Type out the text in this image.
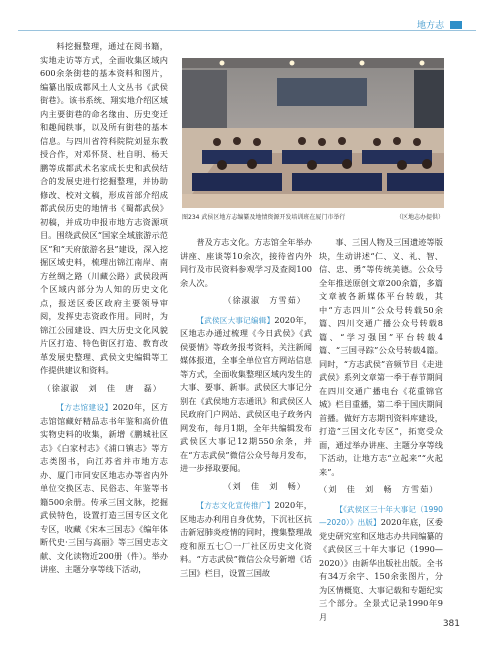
地方志

料挖掘整理，通过在阅书籍，实地走访等方式，全面收集区域内600余条街巷的基本资料和图片，编纂出版成都风土人文丛书《武侯街巷》。该书系统、翔实地介绍区域内主要街巷的命名缘由、历史变迁和趣闻轶事，以及所有街巷的基本信息。与四川省符科院院刘显东教授合作，对邓怀贤、杜自明、杨天鹏等成都武术名家成长史和武侯结合的发展史进行挖掘整理，并协助修改、校对文稿，形成首部介绍成都武侯历史的地情书《蜀都武侯》初稿，并成功申报市地方志资源项目。围绕武侯区“国家全域旅游示范区”和“天府旅游名县”建设，深入挖掘区域史料，梳理出锦江南岸、南方丝绸之路（川藏公路）武侯段两个区域内部分为人知的历史文化点，报送区委区政府主要领导审阅，发挥史志资政作用。同时，为锦江公园建设、四大历史文化风貌片区打造、特色街区打造、教育改革发展史整理、武侯文史编辑等工作提供建议和资料。

（徐淑淑　刘　佳　唐　磊）

【方志馆建设】2020年，区方志馆馆藏好精品志书年鉴和高价值实物史料的收集，新增《鹏城社区志》《白家村志》《浦口镇志》等方志类图书，向江苏省并市地方志办、厦门市同安区地志办等省内外单位交换区志、民俗志、年鉴等书籍500余册。传承三国文脉，挖掘武侯特色，设置打造三国专区文化专区，收藏《宋本三国志》《编年体断代史·三国与高丽》等三国史志文献、文化读物近200册（件）。举办讲座、主题分享等线下活动，

图234 武侯区地方志编纂及地情资源开发培训班在厦门市举行	（区地志办提供）

普及方志文化。方志馆全年举办讲座、座谈等10余次，接待省内外同行及市民资料参观学习及查阅100余人次。

（徐淑淑　方雪茹）

【武侯区大事记编辑】2020年，区地志办通过梳理《今日武侯》《武侯要情》等政务报考资料，关注新闻媒体报道，全事全单位官方网站信息等方式，全面收集整理区域内发生的大事、要事、新事。武侯区大事记分别在《武侯地方志通讯》和武侯区人民政府门户网站、武侯区电子政务内网发布，每月1期，全年共编辑发布武侯区大事记12期550余条，并在“方志武侯”微信公众号每月发布，进一步择取要闻。

（刘　佳　刘　畅）

【方志文化宣传推广】2020年，区地志办利用自身优势，下沉社区抗击新冠肺炎疫情的同时，搜集整理战疫和原五七〇一厂社区历史文化资料。“方志武侯”微信公众号新增《话三国》栏目，设置三国故

事、三国人物及三国遗迹等版块，生动讲述“仁、义、礼、智、信、忠、勇”等传统美德。公众号全年推送原创文章200余篇，多篇文章被各新媒体平台转载，其中“方志四川”公众号转载50余篇、四川交通广播公众号转载8篇、“学习强国”平台转载4篇、“三国寻踪”公众号转载4篇。同时，“方志武侯”音频节目《走进武侯》系列文章第一季于春节期间在四川交通广播电台《花重锦官城》栏目重播，第二季于国庆期间首播。做好方志期刊资料库建设，打造“三国文化专区”，拓宽受众面，通过举办讲座、主题分享等线下活动，让地方志“立起来”“火起来”。

（刘　佳　刘　畅　方雪茹）

【《武侯区三十年大事记（1990—2020）》出版】2020年底，区委党史研究室和区地志办共同编纂的《武侯区三十年大事记（1990—2020）》由新华出版社出版。全书有34万余字、150余张图片，分为区情概览、大事记载和专题纪实三个部分。全景式记录1990年9月

381
